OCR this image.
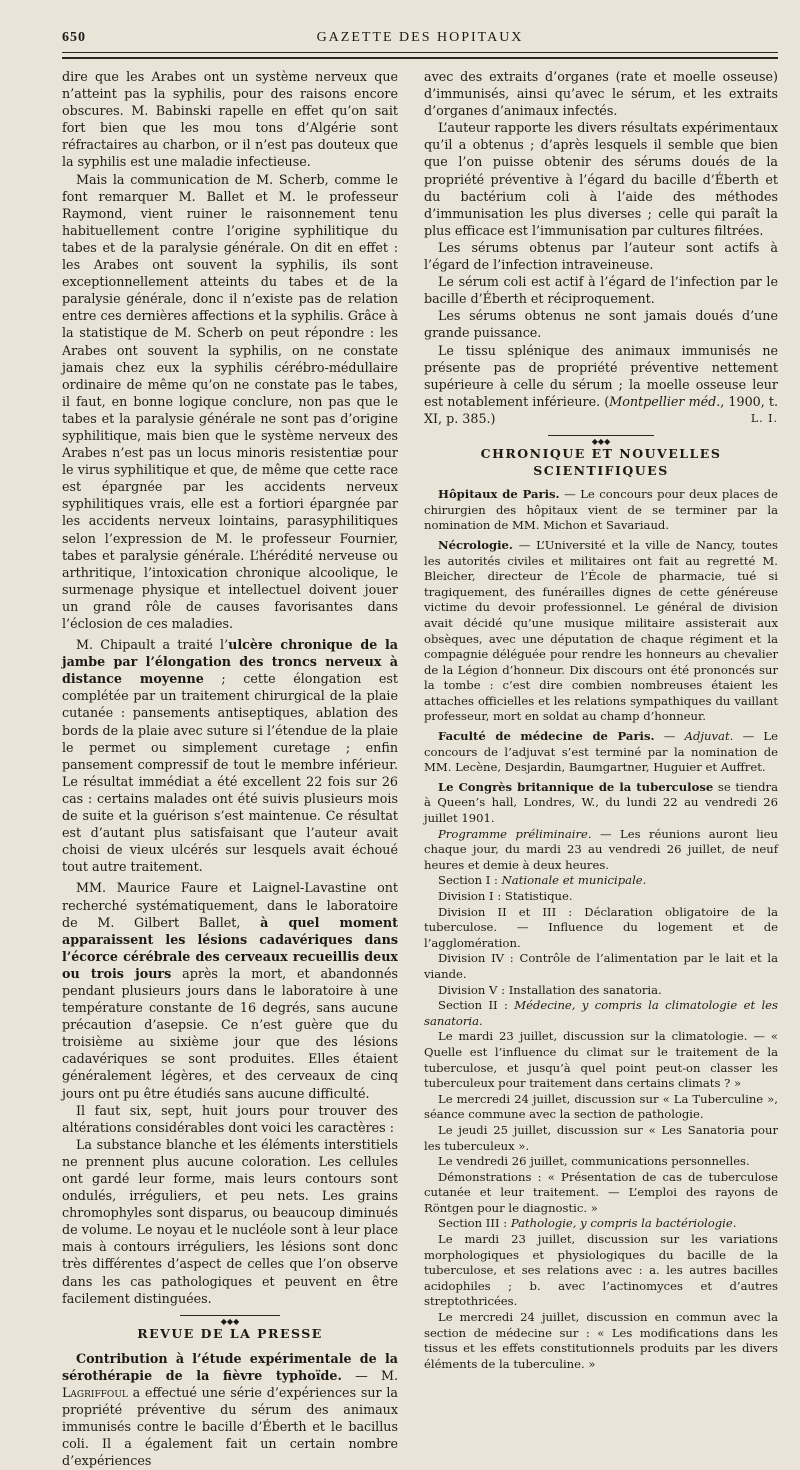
650	GAZETTE DES HOPITAUX

dire que les Arabes ont un système nerveux que n’atteint pas la syphilis, pour des raisons encore obscures. M. Babinski rapelle en effet qu’on sait fort bien que les mou tons d’Algérie sont réfractaires au charbon, or il n’est pas douteux que la syphilis est une maladie infectieuse.

Mais la communication de M. Scherb, comme le font remarquer M. Ballet et M. le professeur Raymond, vient ruiner le raisonnement tenu habituellement contre l’origine syphilitique du tabes et de la paralysie générale. On dit en effet : les Arabes ont souvent la syphilis, ils sont exceptionnellement atteints du tabes et de la paralysie générale, donc il n’existe pas de relation entre ces dernières affections et la syphilis. Grâce à la statistique de M. Scherb on peut répondre : les Arabes ont souvent la syphilis, on ne constate jamais chez eux la syphilis cérébro-médullaire ordinaire de même qu’on ne constate pas le tabes, il faut, en bonne logique conclure, non pas que le tabes et la paralysie générale ne sont pas d’origine syphilitique, mais bien que le système nerveux des Arabes n’est pas un locus minoris resistentiæ pour le virus syphilitique et que, de même que cette race est épargnée par les accidents nerveux syphilitiques vrais, elle est a fortiori épargnée par les accidents nerveux lointains, parasyphilitiques selon l’expression de M. le professeur Fournier, tabes et paralysie générale. L’hérédité nerveuse ou arthritique, l’intoxication chronique alcoolique, le surmenage physique et intellectuel doivent jouer un grand rôle de causes favorisantes dans l’éclosion de ces maladies.

M. Chipault a traité l’ulcère chronique de la jambe par l’élongation des troncs nerveux à distance moyenne ; cette élongation est complétée par un traitement chirurgical de la plaie cutanée : pansements antiseptiques, ablation des bords de la plaie avec suture si l’étendue de la plaie le permet ou simplement curetage ; enfin pansement compressif de tout le membre inférieur. Le résultat immédiat a été excellent 22 fois sur 26 cas : certains malades ont été suivis plusieurs mois de suite et la guérison s’est maintenue. Ce résultat est d’autant plus satisfaisant que l’auteur avait choisi de vieux ulcérés sur lesquels avait échoué tout autre traitement.

MM. Maurice Faure et Laignel-Lavastine ont recherché systématiquement, dans le laboratoire de M. Gilbert Ballet, à quel moment apparaissent les lésions cadavériques dans l’écorce cérébrale des cerveaux recueillis deux ou trois jours après la mort, et abandonnés pendant plusieurs jours dans le laboratoire à une température constante de 16 degrés, sans aucune précaution d’asepsie. Ce n’est guère que du troisième au sixième jour que des lésions cadavériques se sont produites. Elles étaient généralement légères, et des cerveaux de cinq jours ont pu être étudiés sans aucune difficulté.

Il faut six, sept, huit jours pour trouver des altérations considérables dont voici les caractères :

La substance blanche et les éléments interstitiels ne prennent plus aucune coloration. Les cellules ont gardé leur forme, mais leurs contours sont ondulés, irréguliers, et peu nets. Les grains chromophyles sont disparus, ou beaucoup diminués de volume. Le noyau et le nucléole sont à leur place mais à contours irréguliers, les lésions sont donc très différentes d’aspect de celles que l’on observe dans les cas pathologiques et peuvent en être facilement distinguées.

◆◆◆
REVUE DE LA PRESSE

Contribution à l’étude expérimentale de la sérothérapie de la fièvre typhoïde. — M. Lagriffoul a effectué une série d’expériences sur la propriété préventive du sérum des animaux immunisés contre le bacille d’Éberth et le bacillus coli. Il a également fait un certain nombre d’expériences

avec des extraits d’organes (rate et moelle osseuse) d’immunisés, ainsi qu’avec le sérum, et les extraits d’organes d’animaux infectés.

L’auteur rapporte les divers résultats expérimentaux qu’il a obtenus ; d’après lesquels il semble que bien que l’on puisse obtenir des sérums doués de la propriété préventive à l’égard du bacille d’Éberth et du bactérium coli à l’aide des méthodes d’immunisation les plus diverses ; celle qui paraît la plus efficace est l’immunisation par cultures filtrées.

Les sérums obtenus par l’auteur sont actifs à l’égard de l’infection intraveineuse.

Le sérum coli est actif à l’égard de l’infection par le bacille d’Éberth et réciproquement.

Les sérums obtenus ne sont jamais doués d’une grande puissance.

Le tissu splénique des animaux immunisés ne présente pas de propriété préventive nettement supérieure à celle du sérum ; la moelle osseuse leur est notablement inférieure. (Montpellier méd., 1900, t. XI, p. 385.)	L. I.

◆◆◆
CHRONIQUE ET NOUVELLES SCIENTIFIQUES

Hôpitaux de Paris. — Le concours pour deux places de chirurgien des hôpitaux vient de se terminer par la nomination de MM. Michon et Savariaud.

Nécrologie. — L’Université et la ville de Nancy, toutes les autorités civiles et militaires ont fait au regretté M. Bleicher, directeur de l’École de pharmacie, tué si tragiquement, des funérailles dignes de cette généreuse victime du devoir professionnel. Le général de division avait décidé qu’une musique militaire assisterait aux obsèques, avec une députation de chaque régiment et la compagnie déléguée pour rendre les honneurs au chevalier de la Légion d’honneur. Dix discours ont été prononcés sur la tombe : c’est dire combien nombreuses étaient les attaches officielles et les relations sympathiques du vaillant professeur, mort en soldat au champ d’honneur.

Faculté de médecine de Paris. — Adjuvat. — Le concours de l’adjuvat s’est terminé par la nomination de MM. Lecène, Desjardin, Baumgartner, Huguier et Auffret.

Le Congrès britannique de la tuberculose se tiendra à Queen’s hall, Londres, W., du lundi 22 au vendredi 26 juillet 1901.

Programme préliminaire. — Les réunions auront lieu chaque jour, du mardi 23 au vendredi 26 juillet, de neuf heures et demie à deux heures.

Section I : Nationale et municipale.

Division I : Statistique.

Division II et III : Déclaration obligatoire de la tuberculose. — Influence du logement et de l’agglomération.

Division IV : Contrôle de l’alimentation par le lait et la viande.

Division V : Installation des sanatoria.

Section II : Médecine, y compris la climatologie et les sanatoria.

Le mardi 23 juillet, discussion sur la climatologie. — « Quelle est l’influence du climat sur le traitement de la tuberculose, et jusqu’à quel point peut-on classer les tuberculeux pour traitement dans certains climats ? »

Le mercredi 24 juillet, discussion sur « La Tuberculine », séance commune avec la section de pathologie.

Le jeudi 25 juillet, discussion sur « Les Sanatoria pour les tuberculeux ».

Le vendredi 26 juillet, communications personnelles.

Démonstrations : « Présentation de cas de tuberculose cutanée et leur traitement. — L’emploi des rayons de Röntgen pour le diagnostic. »

Section III : Pathologie, y compris la bactériologie.

Le mardi 23 juillet, discussion sur les variations morphologiques et physiologiques du bacille de la tuberculose, et ses relations avec : a. les autres bacilles acidophiles ; b. avec l’actinomyces et d’autres streptothricées.

Le mercredi 24 juillet, discussion en commun avec la section de médecine sur : « Les modifications dans les tissus et les effets constitutionnels produits par les divers éléments de la tuberculine. »
